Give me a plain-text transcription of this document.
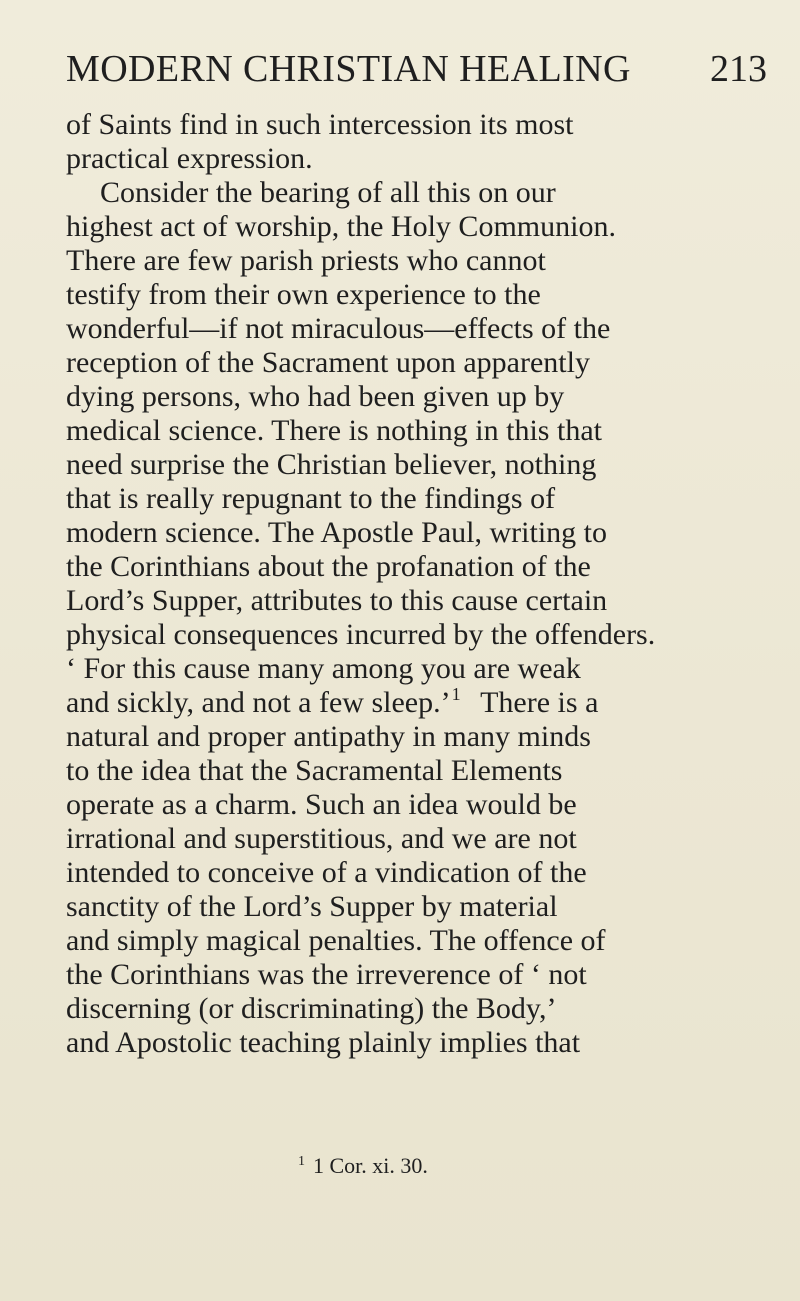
MODERN CHRISTIAN HEALING 213
of Saints find in such intercession its most
practical expression.
Consider the bearing of all this on our
highest act of worship, the Holy Communion.
There are few parish priests who cannot
testify from their own experience to the
wonderful—if not miraculous—effects of the
reception of the Sacrament upon apparently
dying persons, who had been given up by
medical science. There is nothing in this that
need surprise the Christian believer, nothing
that is really repugnant to the findings of
modern science. The Apostle Paul, writing to
the Corinthians about the profanation of the
Lord’s Supper, attributes to this cause certain
physical consequences incurred by the offenders.
‘ For this cause many among you are weak
and sickly, and not a few sleep.’$^1$ There is a
natural and proper antipathy in many minds
to the idea that the Sacramental Elements
operate as a charm. Such an idea would be
irrational and superstitious, and we are not
intended to conceive of a vindication of the
sanctity of the Lord’s Supper by material
and simply magical penalties. The offence of
the Corinthians was the irreverence of ‘ not
discerning (or discriminating) the Body,’
and Apostolic teaching plainly implies that
$^1$ 1 Cor. xi. 30.
